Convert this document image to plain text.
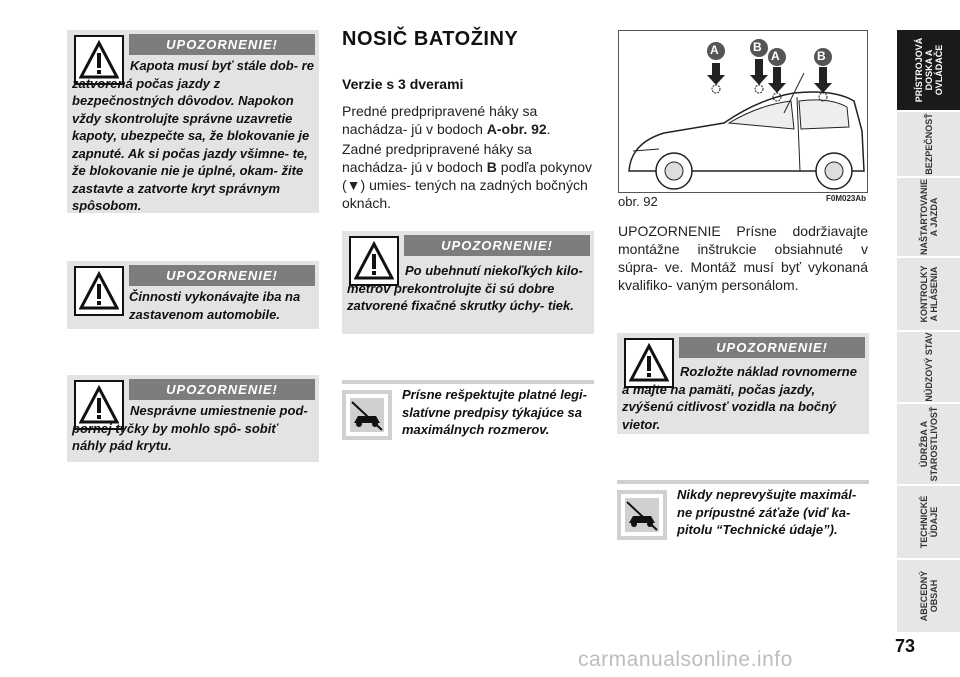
UPOZORNENIE!
Kapota musí byť stále dob- re zatvorená počas jazdy z bezpečnostných dôvodov. Napokon vždy skontrolujte správne uzavretie kapoty, ubezpečte sa, že blokovanie je zapnuté. Ak si počas jazdy všimne- te, že blokovanie nie je úplné, okam- žite zastavte a zatvorte kryt správnym spôsobom.
UPOZORNENIE!
Činnosti vykonávajte iba na zastavenom automobile.
UPOZORNENIE!
Nesprávne umiestnenie pod- pornej tyčky by mohlo spô- sobiť náhly pád krytu.
NOSIČ BATOŽINY
Verzie s 3 dverami
Predné predpripravené háky sa nachádza- jú v bodoch A-obr. 92.
Zadné predpripravené háky sa nachádza- jú v bodoch B podľa pokynov (▼) umies- tených na zadných bočných oknách.
UPOZORNENIE!
Po ubehnutí niekoľkých kilo- metrov prekontrolujte či sú dobre zatvorené fixačné skrutky úchy- tiek.
Prísne rešpektujte platné legi- slatívne predpisy týkajúce sa maximálnych rozmerov.
A	B
A	B
obr. 92	F0M023Ab
UPOZORNENIE Prísne dodržiavajte montážne inštrukcie obsiahnuté v súpra- ve. Montáž musí byť vykonaná kvalifiko- vaným personálom.
UPOZORNENIE!
Rozložte náklad rovnomerne a majte na pamäti, počas jazdy, zvýšenú citlivosť vozidla na bočný vietor.
Nikdy neprevyšujte maximál- ne prípustné záťaže (viď ka- pitolu “Technické údaje”).
PRÍSTROJOVÁ DOSKA A OVLÁDAČE
BEZPEČNOSŤ
NAŠTARTOVANIE A JAZDA
KONTROLKY A HLÁSENIA
NÚDZOVÝ STAV
ÚDRŽBA A STAROSTLIVOSŤ
TECHNICKÉ ÚDAJE
ABECEDNÝ OBSAH
73
carmanualsonline.info
